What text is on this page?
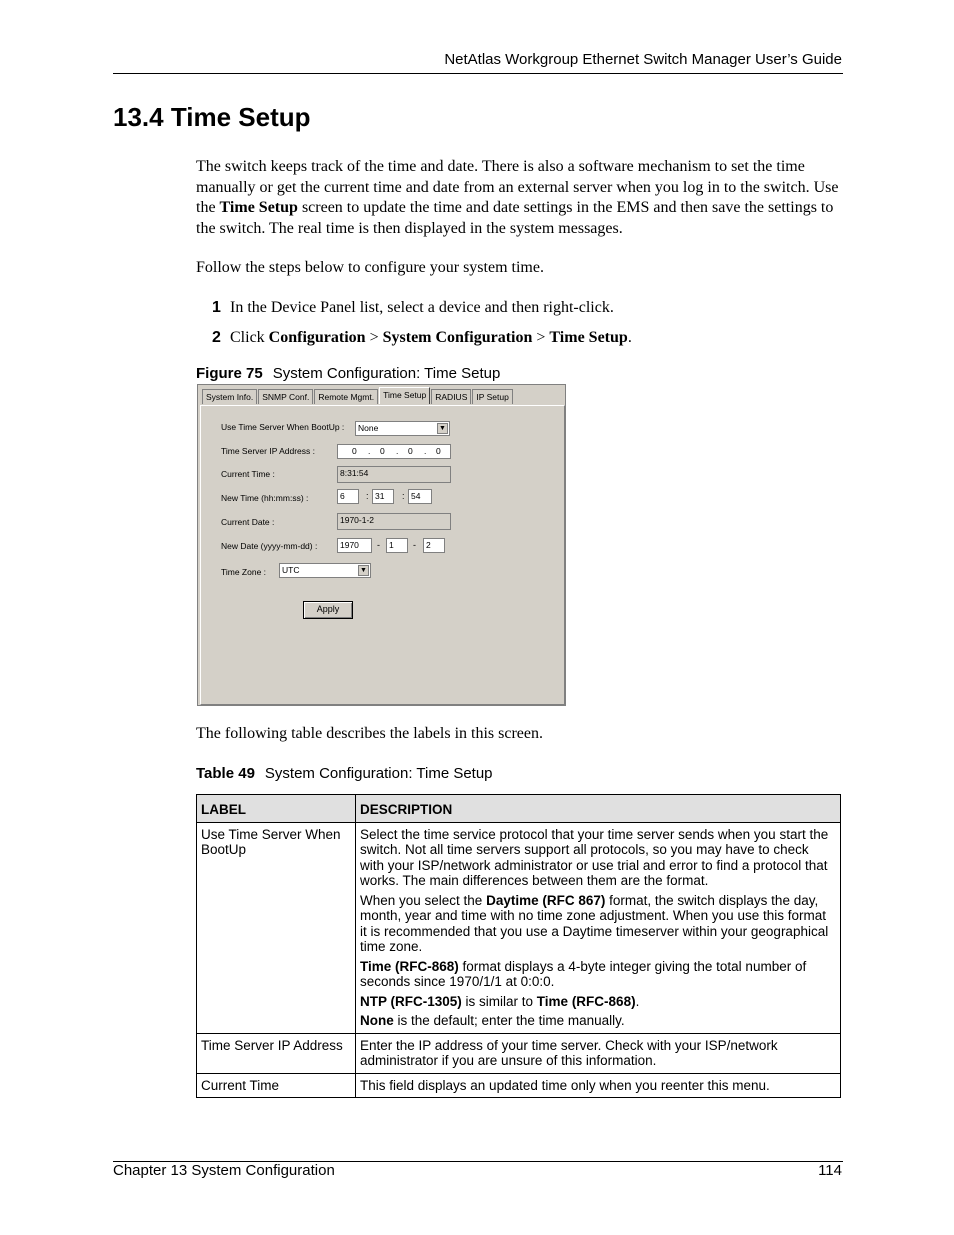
NetAtlas Workgroup Ethernet Switch Manager User’s Guide
13.4 Time Setup
The switch keeps track of the time and date. There is also a software mechanism to set the time manually or get the current time and date from an external server when you log in to the switch. Use the Time Setup screen to update the time and date settings in the EMS and then save the settings to the switch. The real time is then displayed in the system messages.
Follow the steps below to configure your system time.
1 In the Device Panel list, select a device and then right-click.
2 Click Configuration > System Configuration > Time Setup.
Figure 75 System Configuration: Time Setup
System Info.	SNMP Conf.	Remote Mgmt.	Time Setup	RADIUS	IP Setup
Use Time Server When BootUp :	None	▼
Time Server IP Address :	0 . 0 . 0 . 0
Current Time :	8:31:54
New Time (hh:mm:ss) :	6	: 31	: 54
Current Date :	1970-1-2
New Date (yyyy-mm-dd) :	1970	-	1	-	2
Time Zone :	UTC	▼
Apply
The following table describes the labels in this screen.
Table 49 System Configuration: Time Setup
LABEL	DESCRIPTION
Use Time Server When BootUp	Select the time service protocol that your time server sends when you start the switch. Not all time servers support all protocols, so you may have to check with your ISP/network administrator or use trial and error to find a protocol that works. The main differences between them are the format.

When you select the Daytime (RFC 867) format, the switch displays the day, month, year and time with no time zone adjustment. When you use this format it is recommended that you use a Daytime timeserver within your geographical time zone.

Time (RFC-868) format displays a 4-byte integer giving the total number of seconds since 1970/1/1 at 0:0:0.

NTP (RFC-1305) is similar to Time (RFC-868).

None is the default; enter the time manually.

Time Server IP Address	Enter the IP address of your time server. Check with your ISP/network administrator if you are unsure of this information.
Current Time	This field displays an updated time only when you reenter this menu.
Chapter 13 System Configuration	114
